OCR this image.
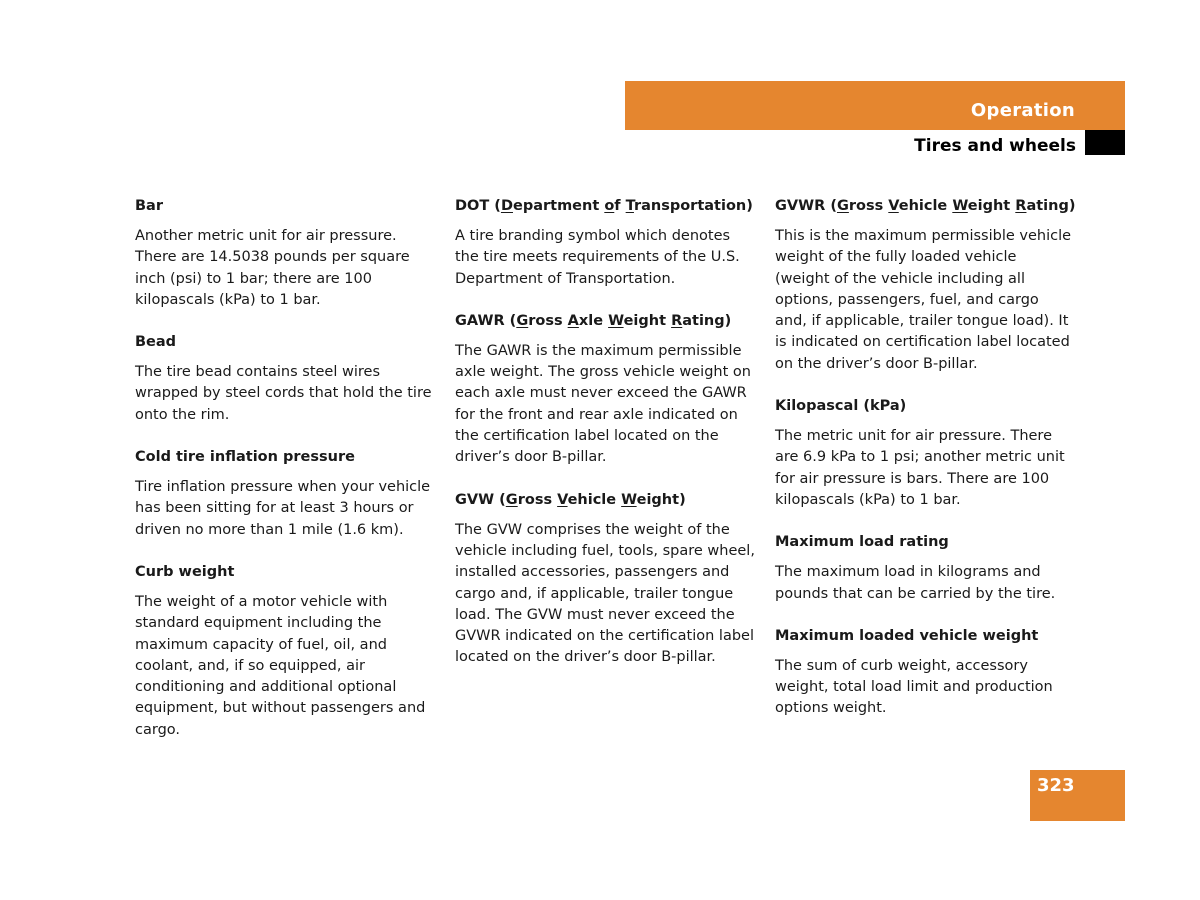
Operation
Tires and wheels
Bar
Another metric unit for air pressure. There are 14.5038 pounds per square inch (psi) to 1 bar; there are 100 kilopascals (kPa) to 1 bar.
Bead
The tire bead contains steel wires wrapped by steel cords that hold the tire onto the rim.
Cold tire inflation pressure
Tire inflation pressure when your vehicle has been sitting for at least 3 hours or driven no more than 1 mile (1.6 km).
Curb weight
The weight of a motor vehicle with standard equipment including the maximum capacity of fuel, oil, and coolant, and, if so equipped, air conditioning and additional optional equipment, but without passengers and cargo.
DOT (Department of Transportation)
A tire branding symbol which denotes the tire meets requirements of the U.S. Department of Transportation.
GAWR (Gross Axle Weight Rating)
The GAWR is the maximum permissible axle weight. The gross vehicle weight on each axle must never exceed the GAWR for the front and rear axle indicated on the certification label located on the driver’s door B-pillar.
GVW (Gross Vehicle Weight)
The GVW comprises the weight of the vehicle including fuel, tools, spare wheel, installed accessories, passengers and cargo and, if applicable, trailer tongue load. The GVW must never exceed the GVWR indicated on the certification label located on the driver’s door B-pillar.
GVWR (Gross Vehicle Weight Rating)
This is the maximum permissible vehicle weight of the fully loaded vehicle (weight of the vehicle including all options, passengers, fuel, and cargo and, if applicable, trailer tongue load). It is indicated on certification label located on the driver’s door B-pillar.
Kilopascal (kPa)
The metric unit for air pressure. There are 6.9 kPa to 1 psi; another metric unit for air pressure is bars. There are 100 kilopascals (kPa) to 1 bar.
Maximum load rating
The maximum load in kilograms and pounds that can be carried by the tire.
Maximum loaded vehicle weight
The sum of curb weight, accessory weight, total load limit and production options weight.
323
